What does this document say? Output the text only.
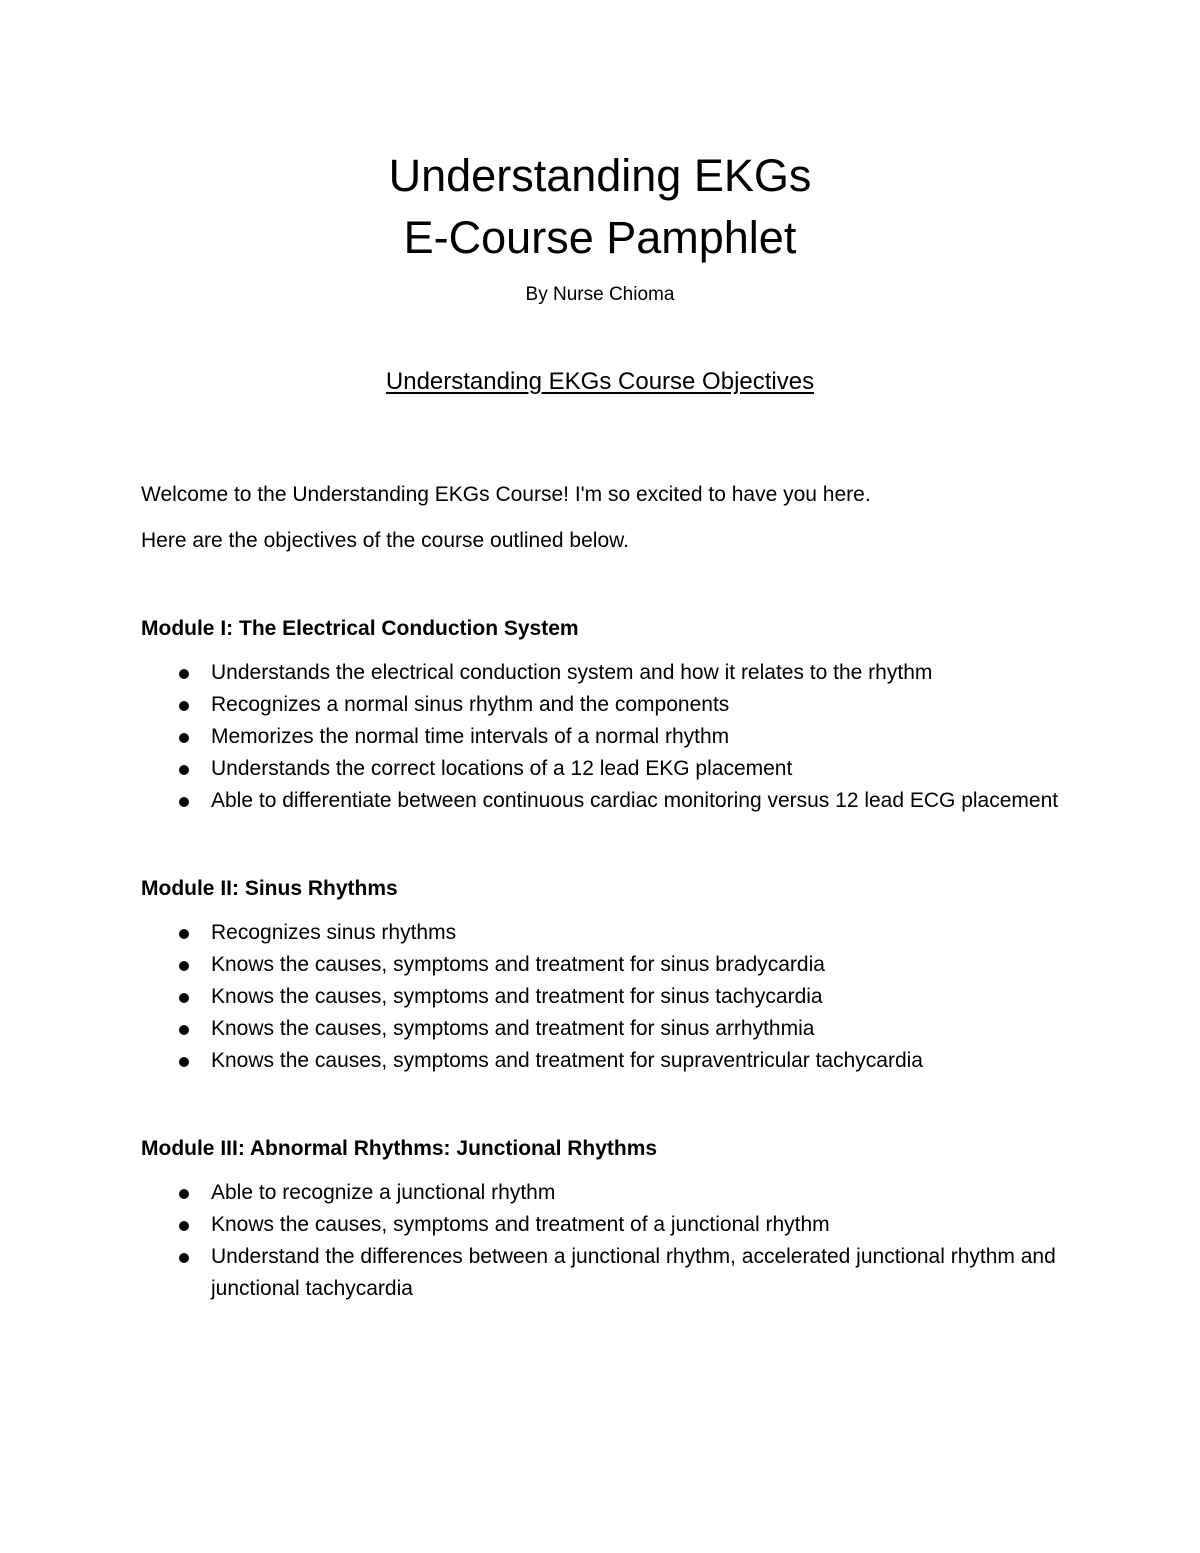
Understanding EKGs
E-Course Pamphlet
By Nurse Chioma
Understanding EKGs Course Objectives

Welcome to the Understanding EKGs Course! I'm so excited to have you here.

Here are the objectives of the course outlined below.

Module I: The Electrical Conduction System
Understands the electrical conduction system and how it relates to the rhythm
Recognizes a normal sinus rhythm and the components
Memorizes the normal time intervals of a normal rhythm
Understands the correct locations of a 12 lead EKG placement
Able to differentiate between continuous cardiac monitoring versus 12 lead ECG placement
Module II: Sinus Rhythms
Recognizes sinus rhythms
Knows the causes, symptoms and treatment for sinus bradycardia
Knows the causes, symptoms and treatment for sinus tachycardia
Knows the causes, symptoms and treatment for sinus arrhythmia
Knows the causes, symptoms and treatment for supraventricular tachycardia
Module III: Abnormal Rhythms: Junctional Rhythms
Able to recognize a junctional rhythm
Knows the causes, symptoms and treatment of a junctional rhythm
Understand the differences between a junctional rhythm, accelerated junctional rhythm and junctional tachycardia
